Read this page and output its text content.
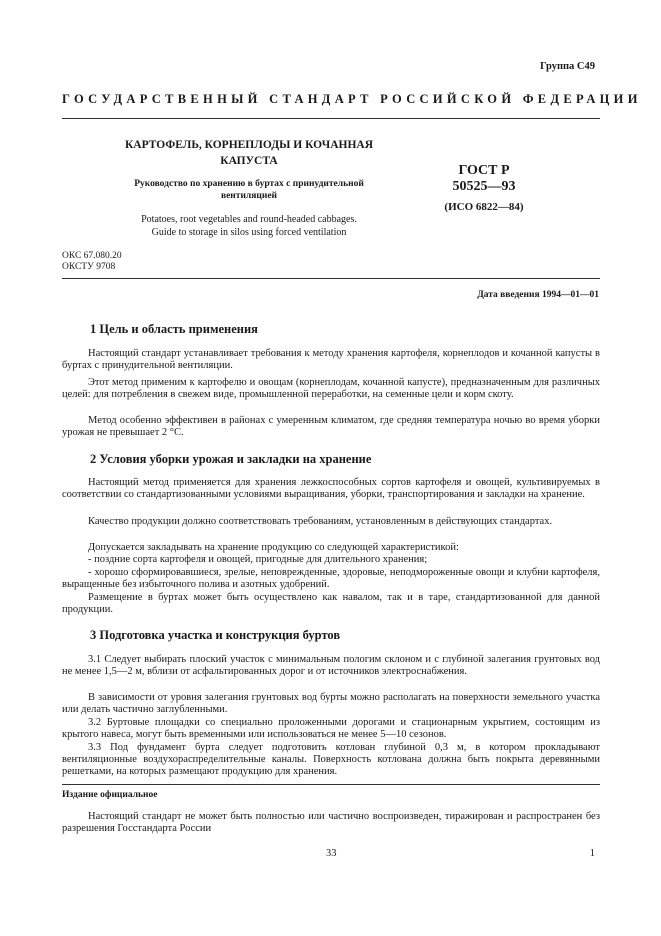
Группа С49
ГОСУДАРСТВЕННЫЙ СТАНДАРТ РОССИЙСКОЙ ФЕДЕРАЦИИ
КАРТОФЕЛЬ, КОРНЕПЛОДЫ И КОЧАННАЯ
КАПУСТА
Руководство по хранению в буртах с принудительной
вентиляцией
Potatoes, root vegetables and round-headed cabbages.
Guide to storage in silos using forced ventilation
ГОСТ Р
50525—93
(ИСО 6822—84)
ОКС 67.080.20
ОКСТУ 9708
Дата введения 1994—01—01
1 Цель и область применения
Настоящий стандарт устанавливает требования к методу хранения картофеля, корнеплодов и кочанной капусты в буртах с принудительной вентиляции.
Этот метод применим к картофелю и овощам (корнеплодам, кочанной капусте), предназначенным для различных целей: для потребления в свежем виде, промышленной переработки, на семенные цели и корм скоту.
Метод особенно эффективен в районах с умеренным климатом, где средняя температура ночью во время уборки урожая не превышает 2 °С.
2 Условия уборки урожая и закладки на хранение
Настоящий метод применяется для хранения лежкоспособных сортов картофеля и овощей, культивируемых в соответствии со стандартизованными условиями выращивания, уборки, транспортирования и закладки на хранение.
Качество продукции должно соответствовать требованиям, установленным в действующих стандартах.
Допускается закладывать на хранение продукцию со следующей характеристикой:
- поздние сорта картофеля и овощей, пригодные для длительного хранения;
- хорошо сформировавшиеся, зрелые, неповрежденные, здоровые, неподмороженные овощи и клубни картофеля, выращенные без избыточного полива и азотных удобрений.
Размещение в буртах может быть осуществлено как навалом, так и в таре, стандартизованной для данной продукции.
3 Подготовка участка и конструкция буртов
3.1 Следует выбирать плоский участок с минимальным пологим склоном и с глубиной залегания грунтовых вод не менее 1,5—2 м, вблизи от асфальтированных дорог и от источников электроснабжения.
В зависимости от уровня залегания грунтовых вод бурты можно располагать на поверхности земельного участка или делать частично заглубленными.
3.2 Буртовые площадки со специально проложенными дорогами и стационарным укрытием, состоящим из крытого навеса, могут быть временными или использоваться не менее 5—10 сезонов.
3.3 Под фундамент бурта следует подготовить котлован глубиной 0,3 м, в котором прокладывают вентиляционные воздухораспределительные каналы. Поверхность котлована должна быть покрыта деревянными решетками, на которых размещают продукцию для хранения.
Издание официальное
Настоящий стандарт не может быть полностью или частично воспроизведен, тиражирован и распространен без разрешения Госстандарта России
33	1
